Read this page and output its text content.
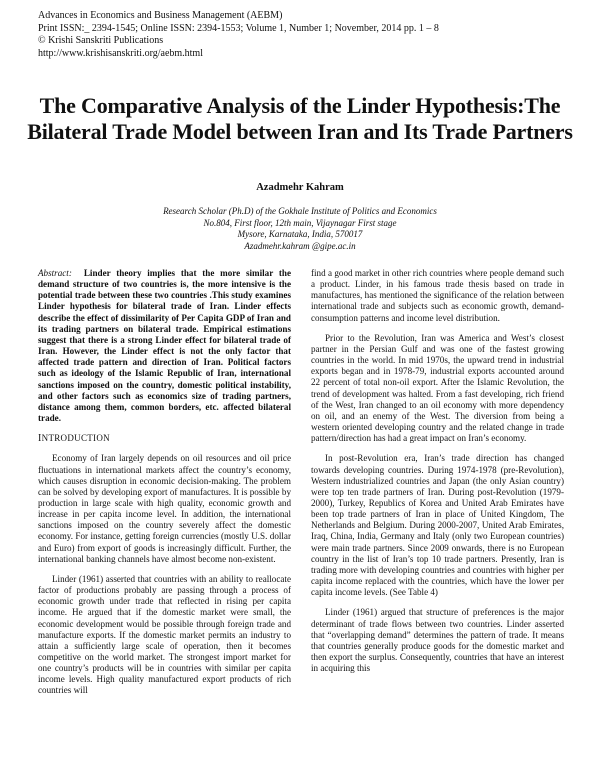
Advances in Economics and Business Management (AEBM)
Print ISSN:_ 2394-1545; Online ISSN: 2394-1553; Volume 1, Number 1; November, 2014 pp. 1 – 8
© Krishi Sanskriti Publications
http://www.krishisanskriti.org/aebm.html
The Comparative Analysis of the Linder Hypothesis:The Bilateral Trade Model between Iran and Its Trade Partners
Azadmehr Kahram
Research Scholar (Ph.D) of the Gokhale Institute of Politics and Economics
No.804, First floor, 12th main, Vijaynagar First stage
Mysore, Karnataka, India, 570017
Azadmehr.kahram @gipe.ac.in

Abstract: Linder theory implies that the more similar the demand structure of two countries is, the more intensive is the potential trade between these two countries .This study examines Linder hypothesis for bilateral trade of Iran. Linder effects describe the effect of dissimilarity of Per Capita GDP of Iran and its trading partners on bilateral trade. Empirical estimations suggest that there is a strong Linder effect for bilateral trade of Iran. However, the Linder effect is not the only factor that affected trade pattern and direction of Iran. Political factors such as ideology of the Islamic Republic of Iran, international sanctions imposed on the country, domestic political instability, and other factors such as economics size of trading partners, distance among them, common borders, etc. affected bilateral trade.

INTRODUCTION

Economy of Iran largely depends on oil resources and oil price fluctuations in international markets affect the country’s economy, which causes disruption in economic decision-making. The problem can be solved by developing export of manufactures. It is possible by production in large scale with high quality, economic growth and increase in per capita income level. In addition, the international sanctions imposed on the country severely affect the domestic economy. For instance, getting foreign currencies (mostly U.S. dollar and Euro) from export of goods is increasingly difficult. Further, the international banking channels have almost become non-existent.

Linder (1961) asserted that countries with an ability to reallocate factor of productions probably are passing through a process of economic growth under trade that reflected in rising per capita income. He argued that if the domestic market were small, the economic development would be possible through foreign trade and manufacture exports. If the domestic market permits an industry to attain a sufficiently large scale of operation, then it becomes competitive on the world market. The strongest import market for one country’s products will be in countries with similar per capita income levels. High quality manufactured export products of rich countries will

find a good market in other rich countries where people demand such a product. Linder, in his famous trade thesis based on trade in manufactures, has mentioned the significance of the relation between international trade and subjects such as economic growth, demand-consumption patterns and income level distribution.

Prior to the Revolution, Iran was America and West’s closest partner in the Persian Gulf and was one of the fastest growing countries in the world. In mid 1970s, the upward trend in industrial exports began and in 1978-79, industrial exports accounted around 22 percent of total non-oil export. After the Islamic Revolution, the trend of development was halted. From a fast developing, rich friend of the West, Iran changed to an oil economy with more dependency on oil, and an enemy of the West. The diversion from being a western oriented developing country and the related change in trade pattern/direction has had a great impact on Iran’s economy.

In post-Revolution era, Iran’s trade direction has changed towards developing countries. During 1974-1978 (pre-Revolution), Western industrialized countries and Japan (the only Asian country) were top ten trade partners of Iran. During post-Revolution (1979-2000), Turkey, Republics of Korea and United Arab Emirates have been top trade partners of Iran in place of United Kingdom, The Netherlands and Belgium. During 2000-2007, United Arab Emirates, Iraq, China, India, Germany and Italy (only two European countries) were main trade partners. Since 2009 onwards, there is no European country in the list of Iran’s top 10 trade partners. Presently, Iran is trading more with developing countries and countries with higher per capita income replaced with the countries, which have the lower per capita income levels. (See Table 4)

Linder (1961) argued that structure of preferences is the major determinant of trade flows between two countries. Linder asserted that “overlapping demand” determines the pattern of trade. It means that countries generally produce goods for the domestic market and then export the surplus. Consequently, countries that have an interest in acquiring this
